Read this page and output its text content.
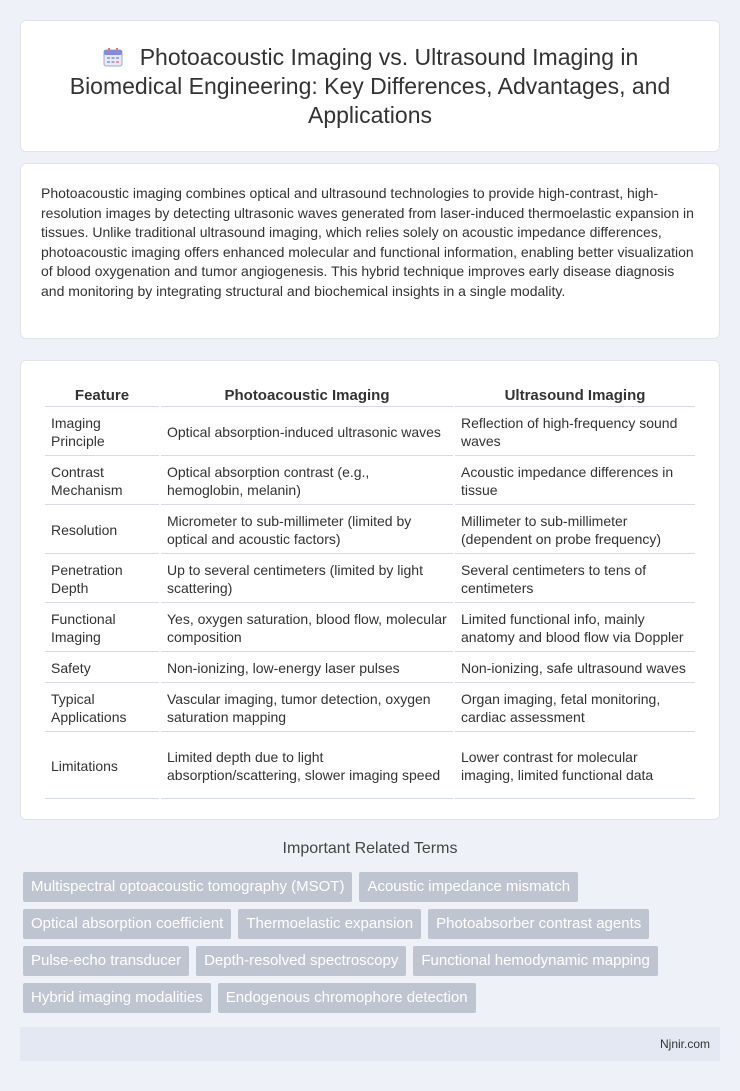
Photoacoustic Imaging vs. Ultrasound Imaging in Biomedical Engineering: Key Differences, Advantages, and Applications

Photoacoustic imaging combines optical and ultrasound technologies to provide high-contrast, high-resolution images by detecting ultrasonic waves generated from laser-induced thermoelastic expansion in tissues. Unlike traditional ultrasound imaging, which relies solely on acoustic impedance differences, photoacoustic imaging offers enhanced molecular and functional information, enabling better visualization of blood oxygenation and tumor angiogenesis. This hybrid technique improves early disease diagnosis and monitoring by integrating structural and biochemical insights in a single modality.

Feature	Photoacoustic Imaging	Ultrasound Imaging
Imaging Principle	Optical absorption-induced ultrasonic waves	Reflection of high-frequency sound waves
Contrast Mechanism	Optical absorption contrast (e.g., hemoglobin, melanin)	Acoustic impedance differences in tissue
Resolution	Micrometer to sub-millimeter (limited by optical and acoustic factors)	Millimeter to sub-millimeter (dependent on probe frequency)
Penetration Depth	Up to several centimeters (limited by light scattering)	Several centimeters to tens of centimeters
Functional Imaging	Yes, oxygen saturation, blood flow, molecular composition	Limited functional info, mainly anatomy and blood flow via Doppler
Safety	Non-ionizing, low-energy laser pulses	Non-ionizing, safe ultrasound waves
Typical Applications	Vascular imaging, tumor detection, oxygen saturation mapping	Organ imaging, fetal monitoring, cardiac assessment
Limitations	Limited depth due to light absorption/scattering, slower imaging speed	Lower contrast for molecular imaging, limited functional data
Important Related Terms
Multispectral optoacoustic tomography (MSOT)	Acoustic impedance mismatch
Optical absorption coefficient	Thermoelastic expansion	Photoabsorber contrast agents
Pulse-echo transducer	Depth-resolved spectroscopy	Functional hemodynamic mapping
Hybrid imaging modalities	Endogenous chromophore detection
Njnir.com
